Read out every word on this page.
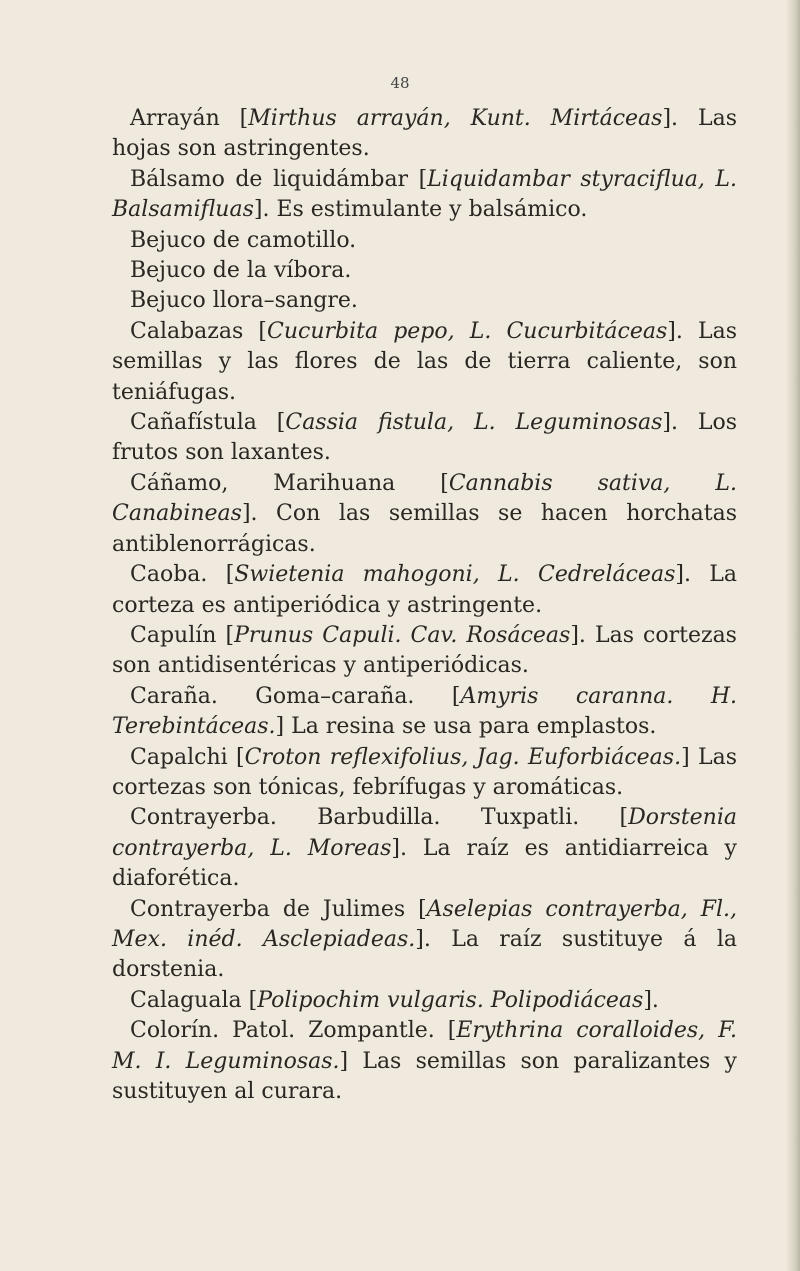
48

Arrayán [Mirthus arrayán, Kunt. Mirtáceas]. Las hojas son astringentes.

Bálsamo de liquidámbar [Liquidambar styraciflua, L. Balsamifluas]. Es estimulante y balsámico.

Bejuco de camotillo.

Bejuco de la víbora.

Bejuco llora–sangre.

Calabazas [Cucurbita pepo, L. Cucurbitáceas]. Las semillas y las flores de las de tierra caliente, son teniáfugas.

Cañafístula [Cassia fistula, L. Leguminosas]. Los frutos son laxantes.

Cáñamo, Marihuana [Cannabis sativa, L. Canabineas]. Con las semillas se hacen horchatas antiblenorrágicas.

Caoba. [Swietenia mahogoni, L. Cedreláceas]. La corteza es antiperiódica y astringente.

Capulín [Prunus Capuli. Cav. Rosáceas]. Las cortezas son antidisentéricas y antiperiódicas.

Caraña. Goma–caraña. [Amyris caranna. H. Terebintáceas.] La resina se usa para emplastos.

Capalchi [Croton reflexifolius, Jag. Euforbiáceas.] Las cortezas son tónicas, febrífugas y aromáticas.

Contrayerba. Barbudilla. Tuxpatli. [Dorstenia contrayerba, L. Moreas]. La raíz es antidiarreica y diaforética.

Contrayerba de Julimes [Aselepias contrayerba, Fl., Mex. inéd. Asclepiadeas.]. La raíz sustituye á la dorstenia.

Calaguala [Polipochim vulgaris. Polipodiáceas].

Colorín. Patol. Zompantle. [Erythrina coralloides, F. M. I. Leguminosas.] Las semillas son paralizantes y sustituyen al curara.
